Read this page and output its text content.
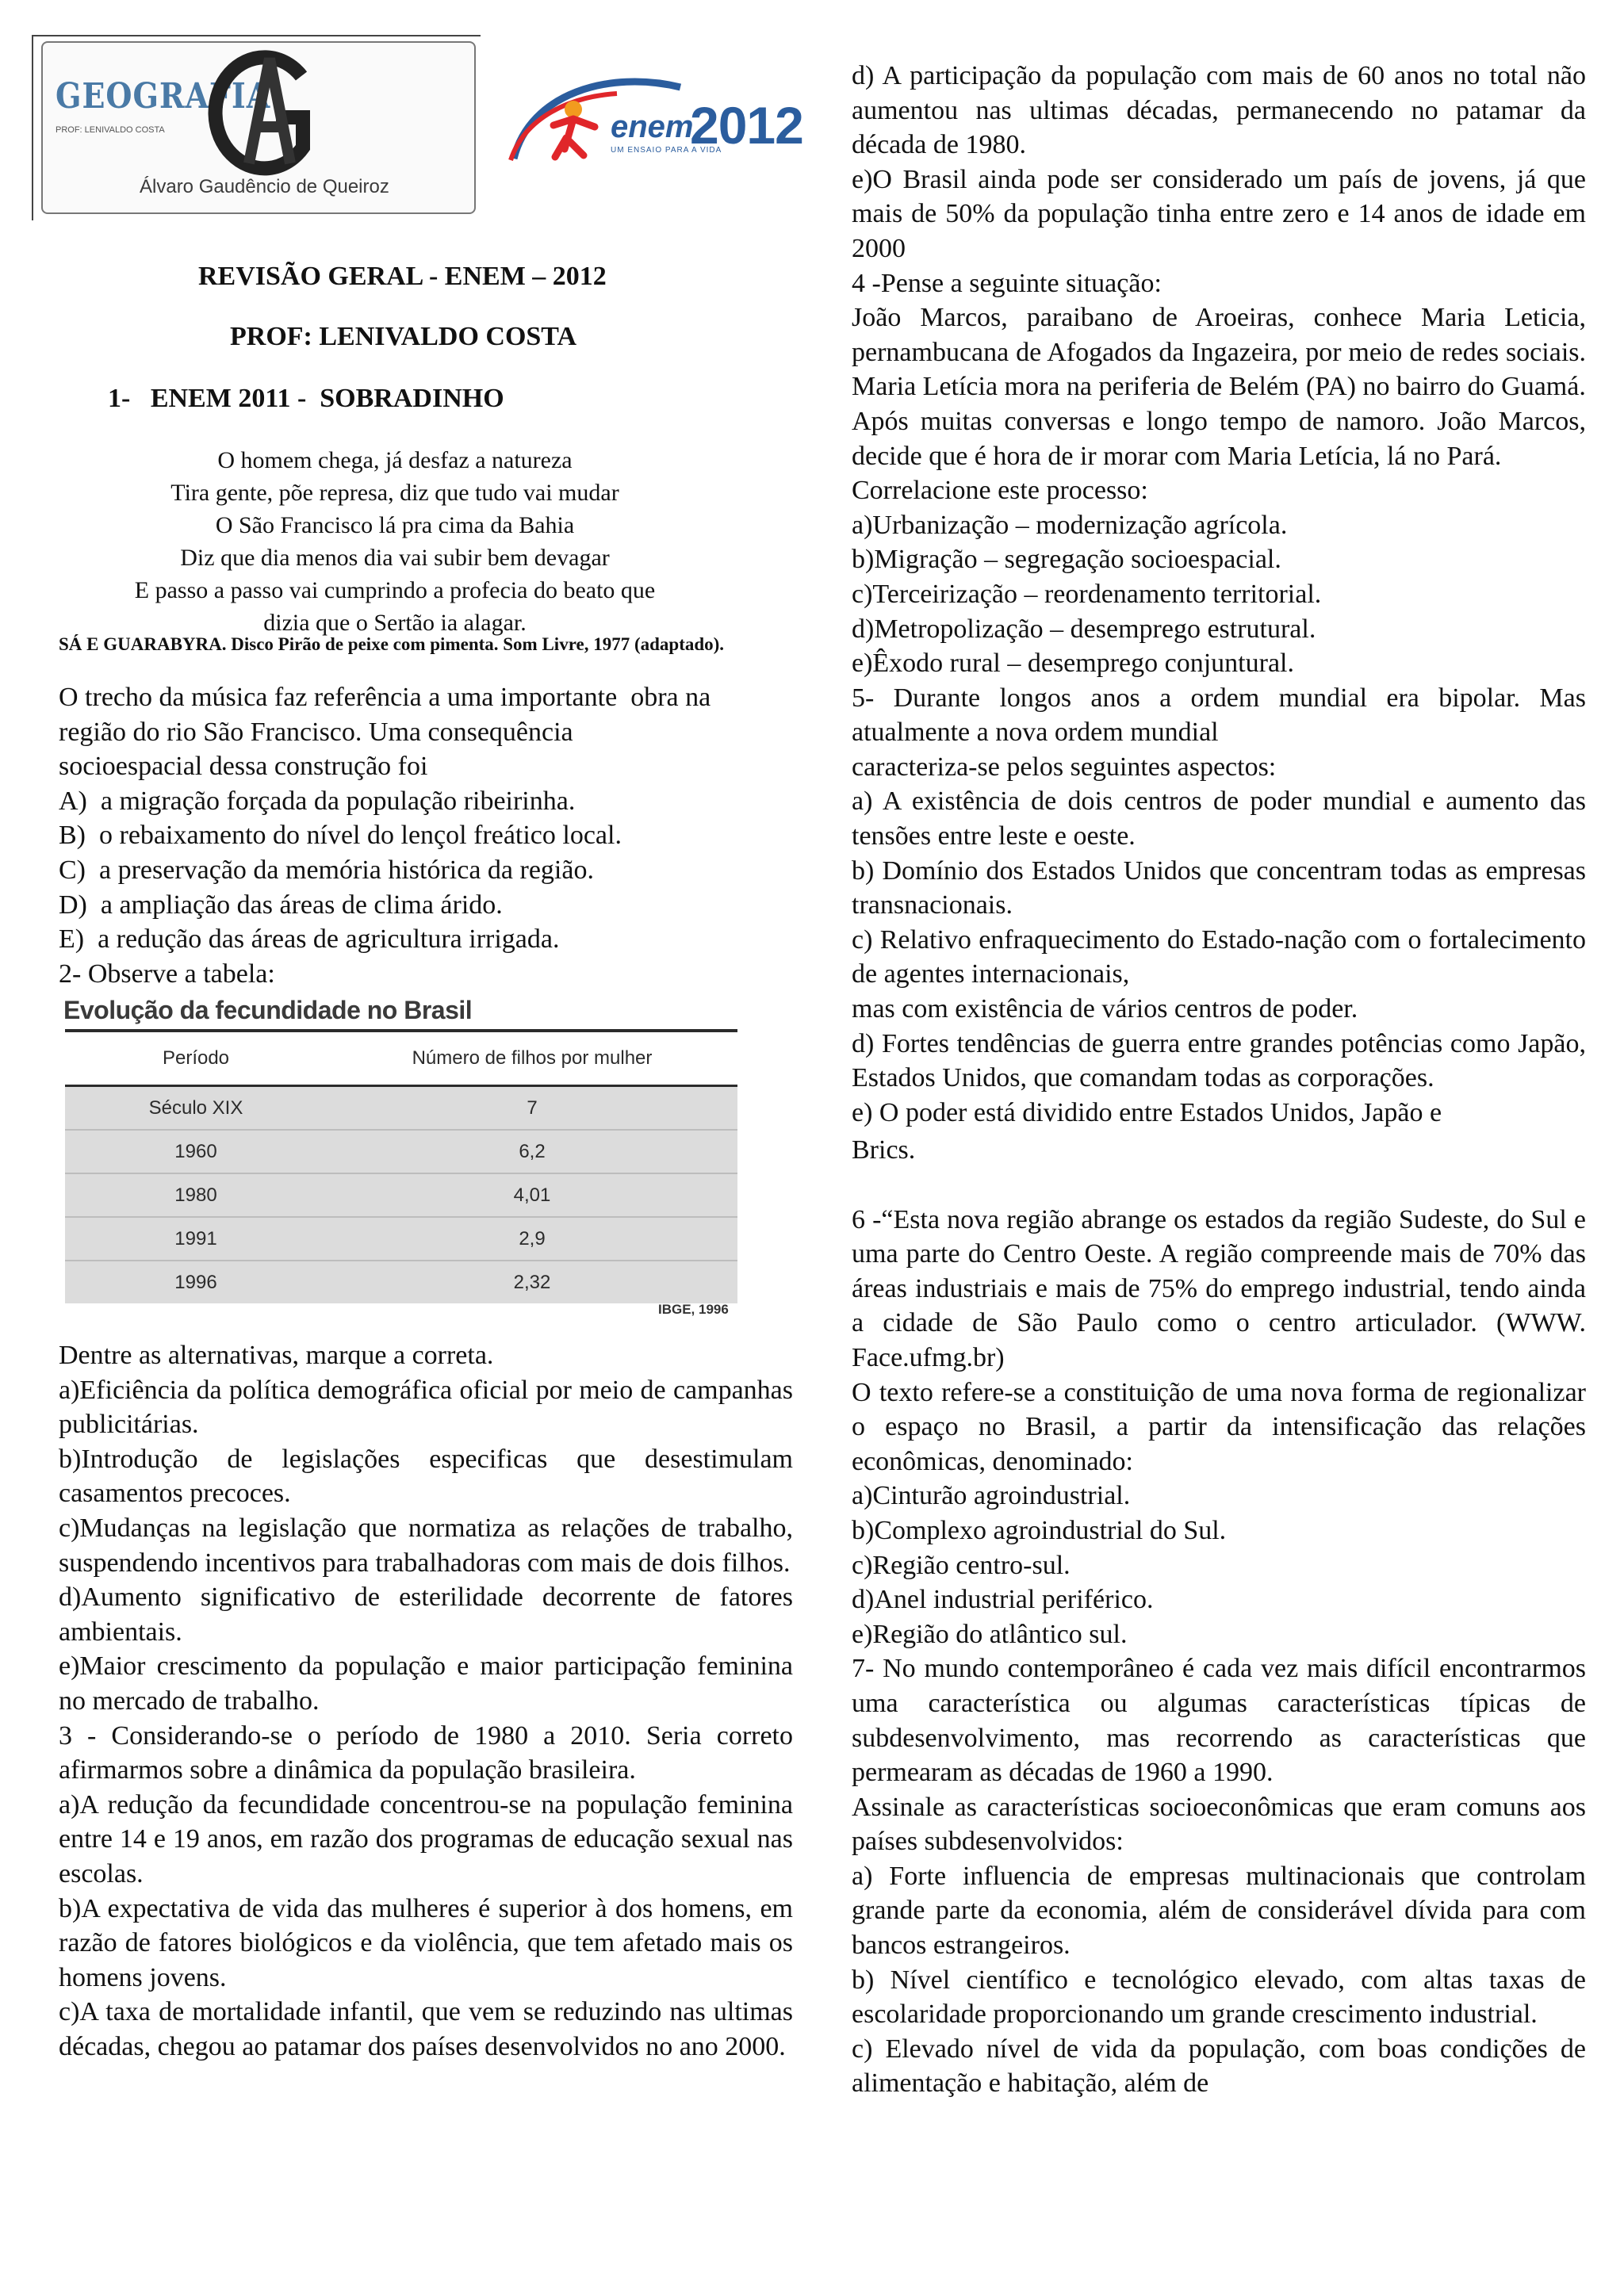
GEOGRAFIA
PROF: LENIVALDO COSTA
Álvaro Gaudêncio de Queiroz
enem
2012
UM ENSAIO PARA A VIDA
REVISÃO GERAL - ENEM – 2012
PROF: LENIVALDO COSTA
1-   ENEM 2011 -  SOBRADINHO
O homem chega, já desfaz a natureza
Tira gente, põe represa, diz que tudo vai mudar
O São Francisco lá pra cima da Bahia
Diz que dia menos dia vai subir bem devagar
E passo a passo vai cumprindo a profecia do beato que
dizia que o Sertão ia alagar.
SÁ E GUARABYRA. Disco Pirão de peixe com pimenta. Som Livre, 1977 (adaptado).
O trecho da música faz referência a uma importante  obra na
região do rio São Francisco. Uma consequência
socioespacial dessa construção foi
A)  a migração forçada da população ribeirinha.
B)  o rebaixamento do nível do lençol freático local.
C)  a preservação da memória histórica da região.
D)  a ampliação das áreas de clima árido.
E)  a redução das áreas de agricultura irrigada.
2- Observe a tabela:
Evolução da fecundidade no Brasil
Período	Número de filhos por mulher
Século XIX	7
1960	6,2
1980	4,01
1991	2,9
1996	2,32
IBGE, 1996
Dentre as alternativas, marque a correta.
a)Eficiência da política demográfica oficial por meio de campanhas publicitárias.
b)Introdução de legislações especificas que desestimulam casamentos precoces.
c)Mudanças na legislação que normatiza as relações de trabalho, suspendendo incentivos para trabalhadoras com mais de dois filhos.
d)Aumento significativo de esterilidade decorrente de fatores ambientais.
e)Maior crescimento da população e maior participação feminina no mercado de trabalho.
3 - Considerando-se o período de 1980 a 2010. Seria correto afirmarmos sobre a dinâmica da população brasileira.
a)A redução da fecundidade concentrou-se na população feminina entre 14 e 19 anos, em razão dos programas de educação sexual nas escolas.
b)A expectativa de vida das mulheres é superior à dos homens, em razão de fatores biológicos e da violência, que tem afetado mais os homens jovens.
c)A taxa de mortalidade infantil, que vem se reduzindo nas ultimas décadas, chegou ao patamar dos países desenvolvidos no ano 2000.
d) A participação da população com mais de 60 anos no total não aumentou nas ultimas décadas, permanecendo no patamar da década de 1980.
e)O Brasil ainda pode ser considerado um país de jovens, já que mais de 50% da população tinha entre zero e 14 anos de idade em 2000
4 -Pense a seguinte situação:
João Marcos, paraibano de Aroeiras, conhece Maria Leticia, pernambucana de Afogados da Ingazeira, por meio de redes sociais. Maria Letícia mora na periferia de Belém (PA) no bairro do Guamá.
Após muitas conversas e longo tempo de namoro. João Marcos, decide que é hora de ir morar com Maria Letícia, lá no Pará.
Correlacione este processo:
a)Urbanização – modernização agrícola.
b)Migração – segregação socioespacial.
c)Terceirização – reordenamento territorial.
d)Metropolização – desemprego estrutural.
e)Êxodo rural – desemprego conjuntural.
5- Durante longos anos a ordem mundial era bipolar. Mas atualmente a nova ordem mundial
caracteriza-se pelos seguintes aspectos:
a) A existência de dois centros de poder mundial e aumento das tensões entre leste e oeste.
b) Domínio dos Estados Unidos que concentram todas as empresas transnacionais.
c) Relativo enfraquecimento do Estado-nação com o fortalecimento de agentes internacionais,
mas com existência de vários centros de poder.
d) Fortes tendências de guerra entre grandes potências como Japão, Estados Unidos, que comandam todas as corporações.
e) O poder está dividido entre Estados Unidos, Japão e
Brics.
6 -“Esta nova região abrange os estados da região Sudeste, do Sul e uma parte do Centro Oeste. A região compreende mais de 70% das áreas industriais e mais de 75% do emprego industrial, tendo ainda a cidade de São Paulo como o centro articulador. (WWW. Face.ufmg.br)
O texto refere-se a constituição de uma nova forma de regionalizar o espaço no Brasil, a partir da intensificação das relações econômicas, denominado:
a)Cinturão agroindustrial.
b)Complexo agroindustrial do Sul.
c)Região centro-sul.
d)Anel industrial periférico.
e)Região do atlântico sul.
7- No mundo contemporâneo é cada vez mais difícil encontrarmos uma característica ou algumas características típicas de subdesenvolvimento, mas recorrendo as características que permearam as décadas de 1960 a 1990.
Assinale as características socioeconômicas que eram comuns aos países subdesenvolvidos:
a) Forte influencia de empresas multinacionais que controlam grande parte da economia, além de considerável dívida para com bancos estrangeiros.
b) Nível científico e tecnológico elevado, com altas taxas de escolaridade proporcionando um grande crescimento industrial.
c) Elevado nível de vida da população, com boas condições de alimentação e habitação, além de
